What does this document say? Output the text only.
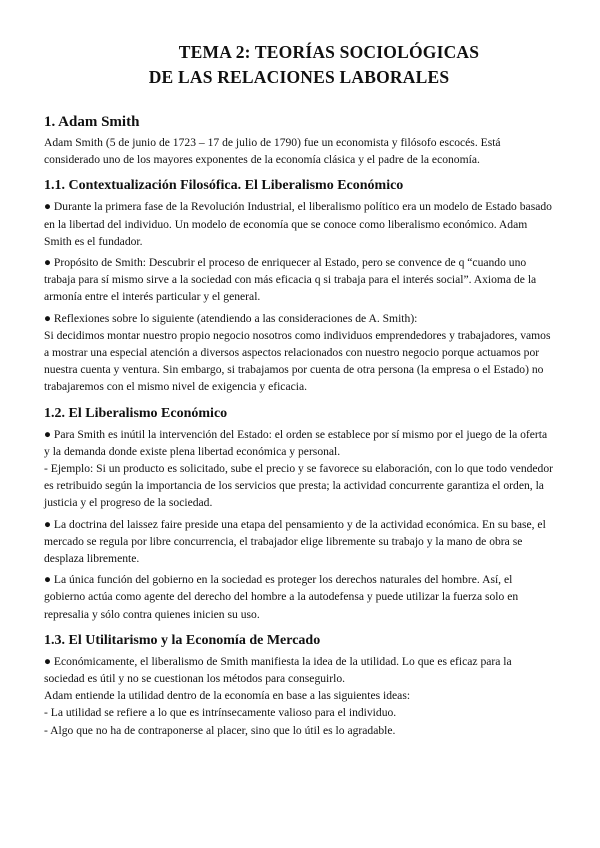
TEMA 2: TEORÍAS SOCIOLÓGICAS
DE LAS RELACIONES LABORALES
1. Adam Smith

Adam Smith (5 de junio de 1723 – 17 de julio de 1790) fue un economista y filósofo escocés. Está considerado uno de los mayores exponentes de la economía clásica y el padre de la economía.

1.1. Contextualización Filosófica. El Liberalismo Económico

● Durante la primera fase de la Revolución Industrial, el liberalismo político era un modelo de Estado basado en la libertad del individuo. Un modelo de economía que se conoce como liberalismo económico. Adam Smith es el fundador.

● Propósito de Smith: Descubrir el proceso de enriquecer al Estado, pero se convence de q “cuando uno trabaja para sí mismo sirve a la sociedad con más eficacia q si trabaja para el interés social”. Axioma de la armonía entre el interés particular y el general.

● Reflexiones sobre lo siguiente (atendiendo a las consideraciones de A. Smith):

Si decidimos montar nuestro propio negocio nosotros como individuos emprendedores y trabajadores, vamos a mostrar una especial atención a diversos aspectos relacionados con nuestro negocio porque actuamos por nuestra cuenta y ventura. Sin embargo, si trabajamos por cuenta de otra persona (la empresa o el Estado) no trabajaremos con el mismo nivel de exigencia y eficacia.

1.2. El Liberalismo Económico

● Para Smith es inútil la intervención del Estado: el orden se establece por sí mismo por el juego de la oferta y la demanda donde existe plena libertad económica y personal.

- Ejemplo: Si un producto es solicitado, sube el precio y se favorece su elaboración, con lo que todo vendedor es retribuido según la importancia de los servicios que presta; la actividad concurrente garantiza el orden, la justicia y el progreso de la sociedad.

● La doctrina del laissez faire preside una etapa del pensamiento y de la actividad económica. En su base, el mercado se regula por libre concurrencia, el trabajador elige libremente su trabajo y la mano de obra se desplaza libremente.

● La única función del gobierno en la sociedad es proteger los derechos naturales del hombre. Así, el gobierno actúa como agente del derecho del hombre a la autodefensa y puede utilizar la fuerza solo en represalia y sólo contra quienes inicien su uso.

1.3. El Utilitarismo y la Economía de Mercado

● Económicamente, el liberalismo de Smith manifiesta la idea de la utilidad. Lo que es eficaz para la sociedad es útil y no se cuestionan los métodos para conseguirlo.

Adam entiende la utilidad dentro de la economía en base a las siguientes ideas:

- La utilidad se refiere a lo que es intrínsecamente valioso para el individuo.

- Algo que no ha de contraponerse al placer, sino que lo útil es lo agradable.
